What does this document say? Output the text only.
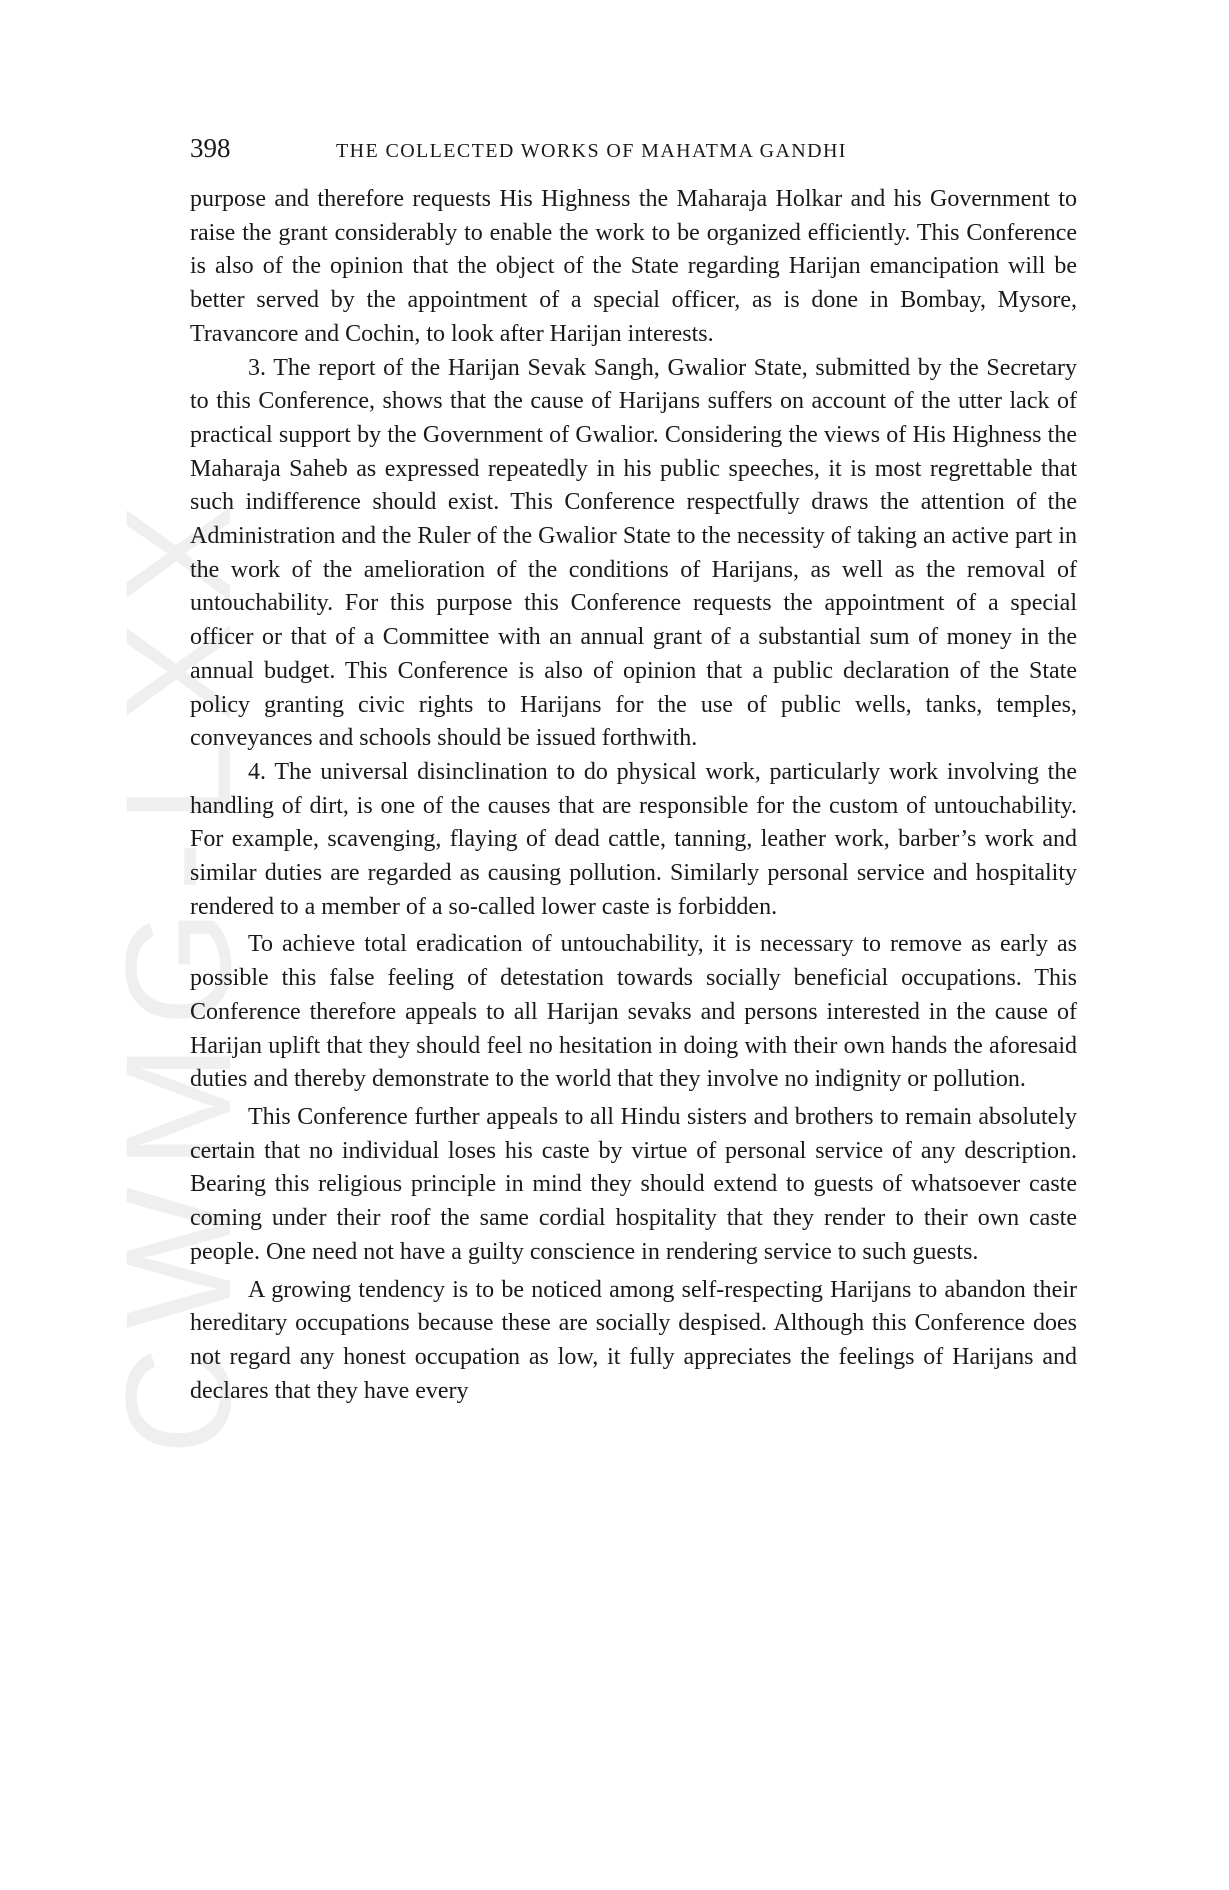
CWMG-LXX
398	THE COLLECTED WORKS OF MAHATMA GANDHI

purpose and therefore requests His Highness the Maharaja Holkar and his Government to raise the grant considerably to enable the work to be organized efficiently. This Conference is also of the opinion that the object of the State regarding Harijan emancipation will be better served by the appointment of a special officer, as is done in Bombay, Mysore, Travancore and Cochin, to look after Harijan interests.

3. The report of the Harijan Sevak Sangh, Gwalior State, submitted by the Secretary to this Conference, shows that the cause of Harijans suffers on account of the utter lack of practical support by the Government of Gwalior. Considering the views of His Highness the Maharaja Saheb as expressed repeatedly in his public speeches, it is most regrettable that such indifference should exist. This Conference respectfully draws the attention of the Administration and the Ruler of the Gwalior State to the necessity of taking an active part in the work of the amelioration of the conditions of Harijans, as well as the removal of untouchability. For this purpose this Conference requests the appointment of a special officer or that of a Committee with an annual grant of a substantial sum of money in the annual budget. This Conference is also of opinion that a public declaration of the State policy granting civic rights to Harijans for the use of public wells, tanks, temples, conveyances and schools should be issued forthwith.

4. The universal disinclination to do physical work, particularly work involving the handling of dirt, is one of the causes that are responsible for the custom of untouchability. For example, scavenging, flaying of dead cattle, tanning, leather work, barber’s work and similar duties are regarded as causing pollution. Similarly personal service and hospitality rendered to a member of a so-called lower caste is forbidden.

To achieve total eradication of untouchability, it is necessary to remove as early as possible this false feeling of detestation towards socially beneficial occupations. This Conference therefore appeals to all Harijan sevaks and persons interested in the cause of Harijan uplift that they should feel no hesitation in doing with their own hands the aforesaid duties and thereby demonstrate to the world that they involve no indignity or pollution.

This Conference further appeals to all Hindu sisters and brothers to remain absolutely certain that no individual loses his caste by virtue of personal service of any description. Bearing this religious principle in mind they should extend to guests of whatsoever caste coming under their roof the same cordial hospitality that they render to their own caste people. One need not have a guilty conscience in rendering service to such guests.

A growing tendency is to be noticed among self-respecting Harijans to abandon their hereditary occupations because these are socially despised. Although this Conference does not regard any honest occupation as low, it fully appreciates the feelings of Harijans and declares that they have every
